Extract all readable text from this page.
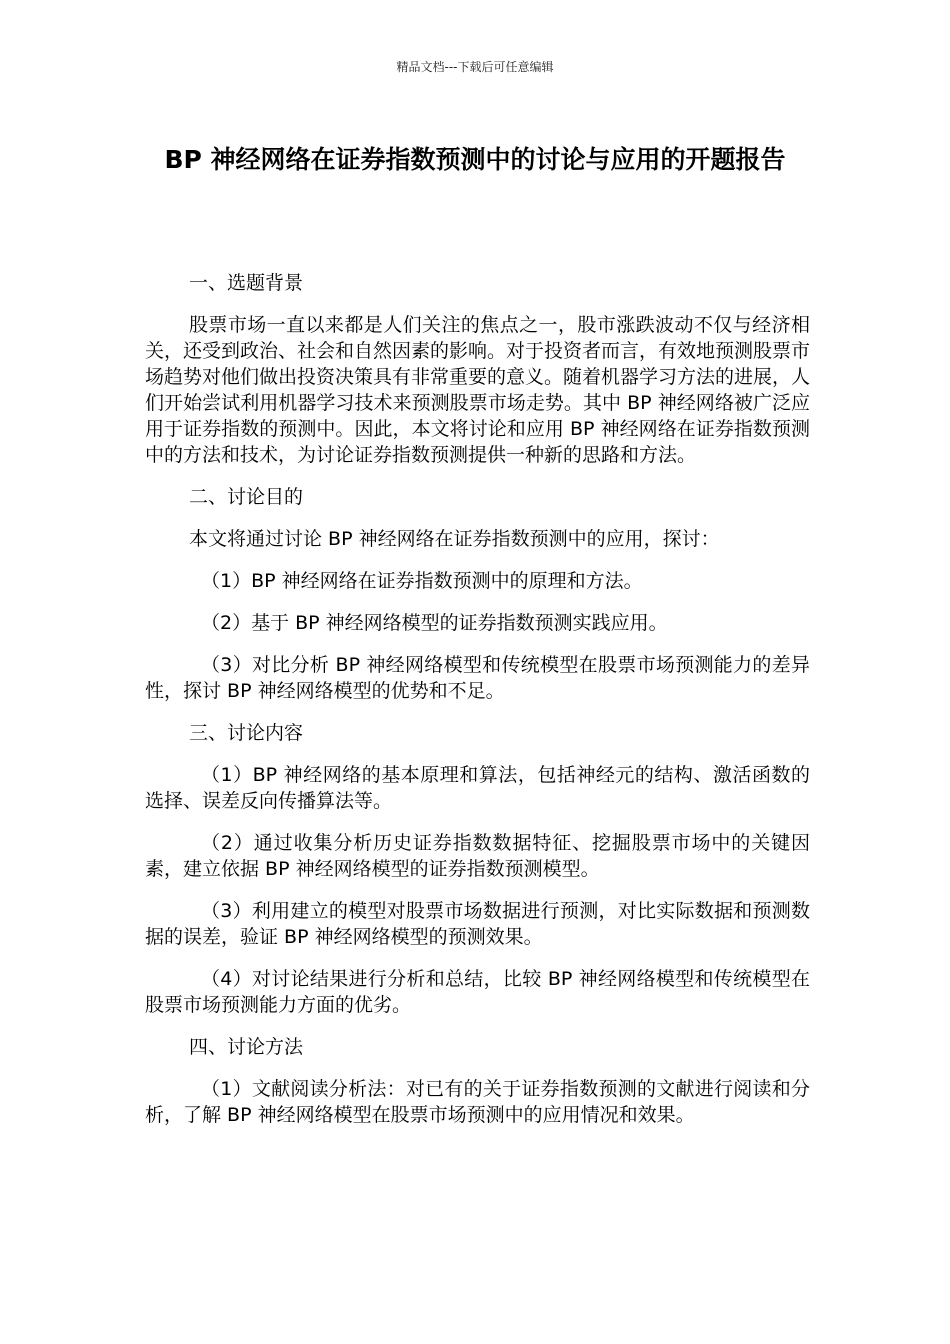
精品文档---下载后可任意编辑
BP 神经网络在证券指数预测中的讨论与应用的开题报告

一、选题背景

股票市场一直以来都是人们关注的焦点之一，股市涨跌波动不仅与经济相关，还受到政治、社会和自然因素的影响。对于投资者而言，有效地预测股票市场趋势对他们做出投资决策具有非常重要的意义。随着机器学习方法的进展，人们开始尝试利用机器学习技术来预测股票市场走势。其中 BP 神经网络被广泛应用于证券指数的预测中。因此，本文将讨论和应用 BP 神经网络在证券指数预测中的方法和技术，为讨论证券指数预测提供一种新的思路和方法。

二、讨论目的

本文将通过讨论 BP 神经网络在证券指数预测中的应用，探讨：

（1）BP 神经网络在证券指数预测中的原理和方法。

（2）基于 BP 神经网络模型的证券指数预测实践应用。

（3）对比分析 BP 神经网络模型和传统模型在股票市场预测能力的差异性，探讨 BP 神经网络模型的优势和不足。

三、讨论内容

（1）BP 神经网络的基本原理和算法，包括神经元的结构、激活函数的选择、误差反向传播算法等。

（2）通过收集分析历史证券指数数据特征、挖掘股票市场中的关键因素，建立依据 BP 神经网络模型的证券指数预测模型。

（3）利用建立的模型对股票市场数据进行预测，对比实际数据和预测数据的误差，验证 BP 神经网络模型的预测效果。

（4）对讨论结果进行分析和总结，比较 BP 神经网络模型和传统模型在股票市场预测能力方面的优劣。

四、讨论方法

（1）文献阅读分析法：对已有的关于证券指数预测的文献进行阅读和分析，了解 BP 神经网络模型在股票市场预测中的应用情况和效果。
